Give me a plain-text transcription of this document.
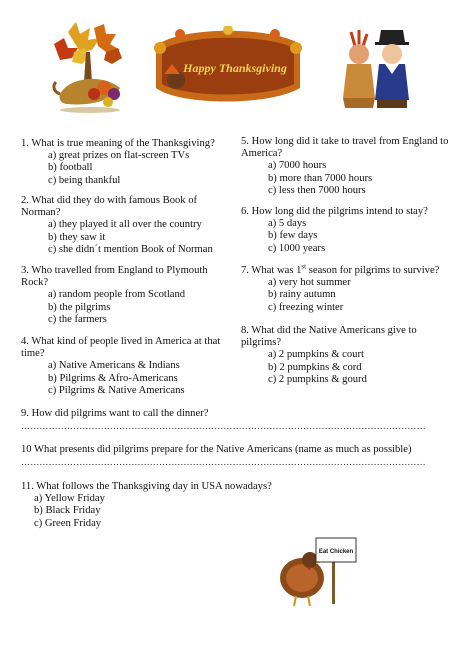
Happy Thanksgiving
1. What is true meaning of the Thanksgiving?
a) great prizes on flat-screen TVs
b) football
c) being thankful
2. What did they do with famous Book of Norman?
a) they played it all over the country
b) they saw it
c) she didn´t mention Book of Norman
3. Who travelled from England to Plymouth Rock?
a) random people from Scotland
b) the pilgrims
c) the farmers
4. What kind of people lived in America at that time?
a) Native Americans & Indians
b) Pilgrims & Afro-Americans
c) Pilgrims & Native Americans
5. How long did it take to travel from England to America?
a) 7000 hours
b) more than 7000 hours
c) less then 7000 hours
6. How long did the pilgrims intend to stay?
a) 5 days
b) few days
c) 1000 years
7. What was 1st season for pilgrims to survive?
a) very hot summer
b) rainy autumn
c) freezing winter
8. What did the Native Americans give to pilgrims?
a) 2 pumpkins & court
b) 2 pumpkins & cord
c) 2 pumpkins & gourd
9. How did pilgrims want to call the dinner?
……………………………………………………………………………………………………………………
10 What presents did pilgrims prepare for the Native Americans (name as much as possible)
……………………………………………………………………………………………………………………
11. What follows the Thanksgiving day in USA nowadays?
a) Yellow Friday
b) Black Friday
c) Green Friday
Eat Chicken
